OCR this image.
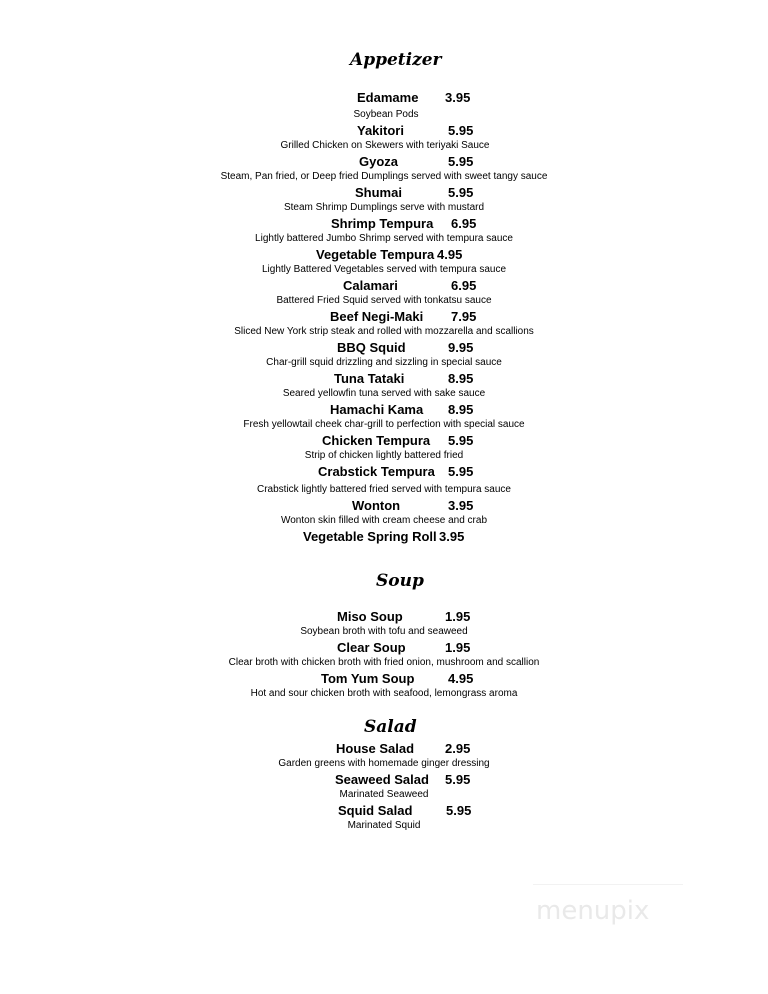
Appetizer
Edamame 3.95
Soybean Pods
Yakitori	5.95
Grilled Chicken on Skewers with teriyaki Sauce
Gyoza	5.95
Steam, Pan fried, or Deep fried Dumplings served with sweet tangy sauce
Shumai	5.95
Steam Shrimp Dumplings serve with mustard
Shrimp Tempura 6.95
Lightly battered Jumbo Shrimp served with tempura sauce
Vegetable Tempura 4.95
Lightly Battered Vegetables served with tempura sauce
Calamari	6.95
Battered Fried Squid served with tonkatsu sauce
Beef Negi-Maki 7.95
Sliced New York strip steak and rolled with mozzarella and scallions
BBQ Squid	9.95
Char-grill squid drizzling and sizzling in special sauce
Tuna Tataki	8.95
Seared yellowfin tuna served with sake sauce
Hamachi Kama 8.95
Fresh yellowtail cheek char-grill to perfection with special sauce
Chicken Tempura 5.95
Strip of chicken lightly battered fried
Crabstick Tempura 5.95
Crabstick lightly battered fried served with tempura sauce
Wonton	3.95
Wonton skin filled with cream cheese and crab
Vegetable Spring Roll 3.95
Soup
Miso Soup	1.95
Soybean broth with tofu and seaweed
Clear Soup	1.95
Clear broth with chicken broth with fried onion, mushroom and scallion
Tom Yum Soup	4.95
Hot and sour chicken broth with seafood, lemongrass aroma
Salad
House Salad 2.95
Garden greens with homemade ginger dressing
Seaweed Salad 5.95
Marinated Seaweed
Squid Salad	5.95
Marinated Squid
menupix
